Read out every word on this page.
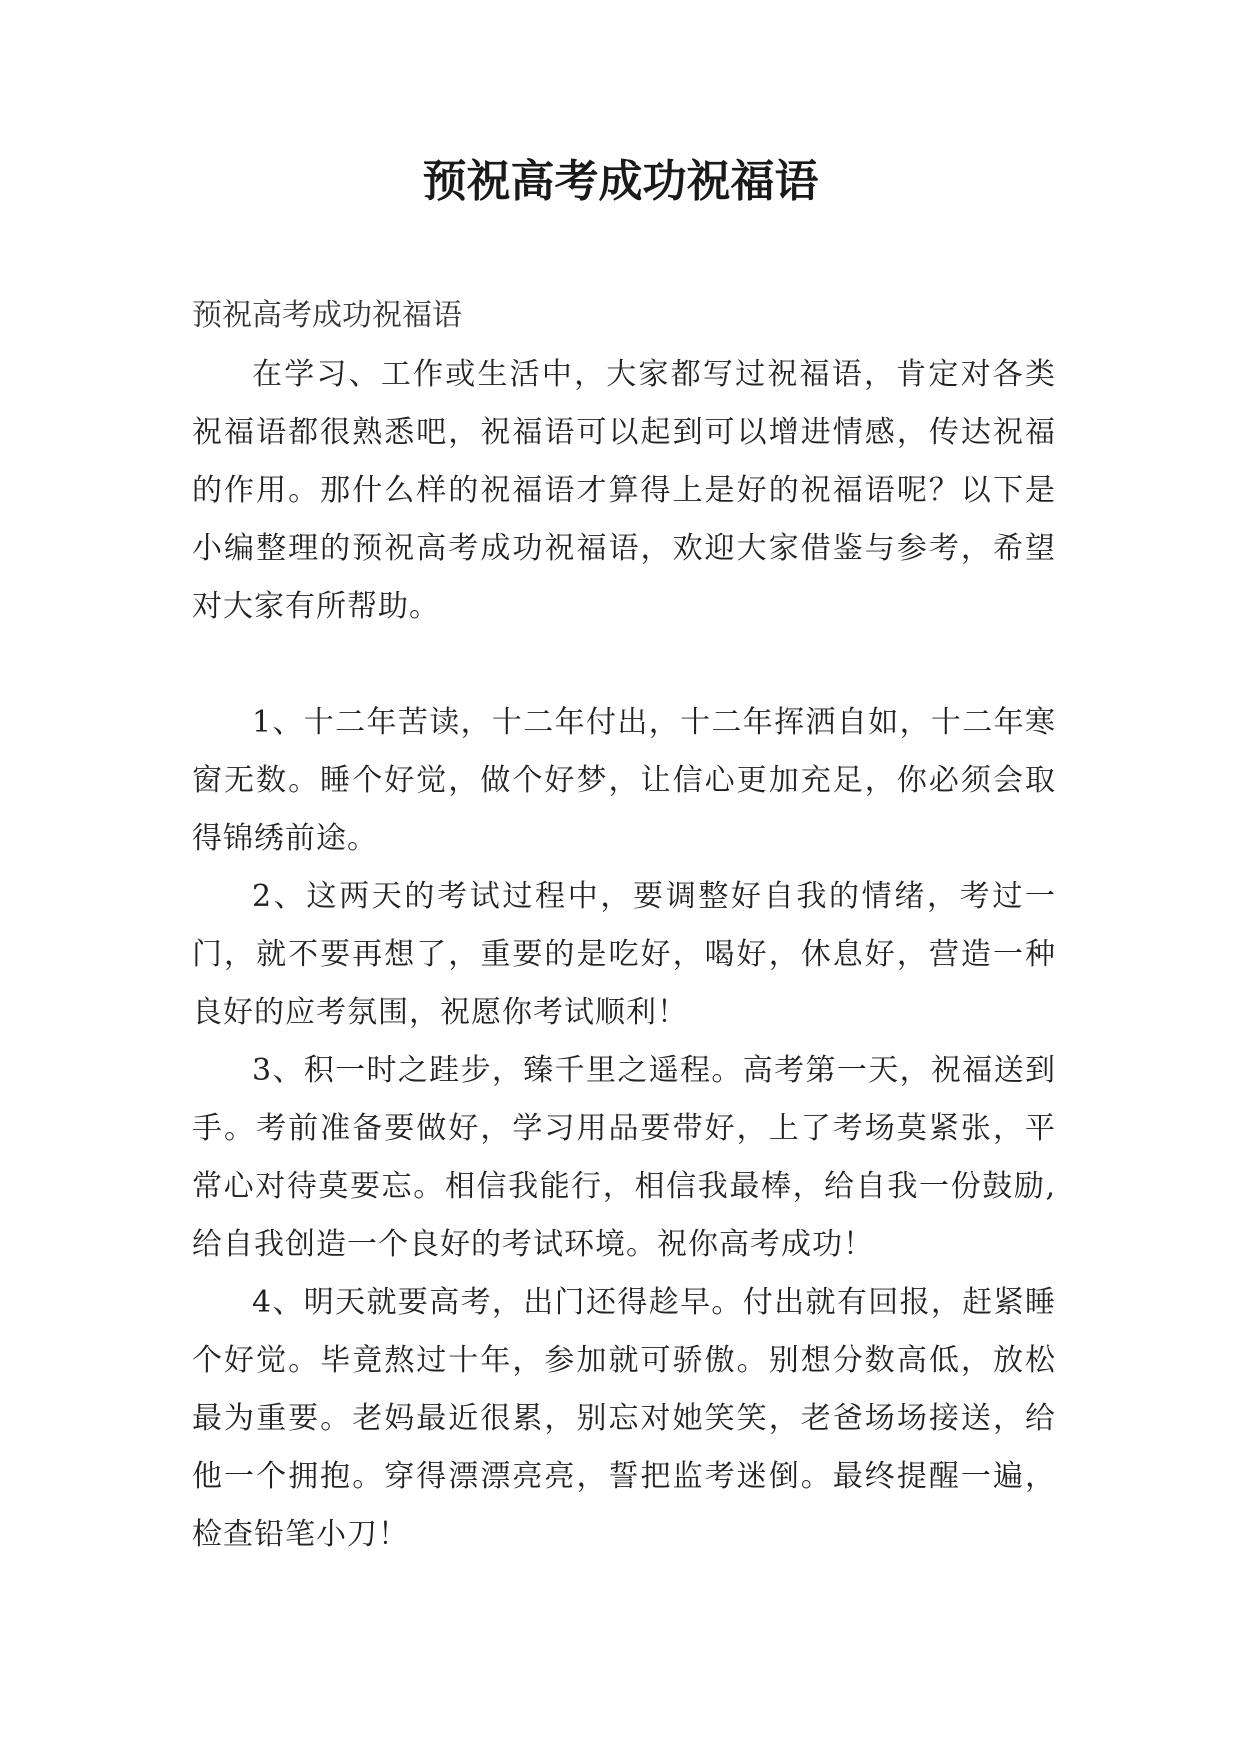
预祝高考成功祝福语

预祝高考成功祝福语

在学习、工作或生活中，大家都写过祝福语，肯定对各类祝福语都很熟悉吧，祝福语可以起到可以增进情感，传达祝福的作用。那什么样的祝福语才算得上是好的祝福语呢？以下是小编整理的预祝高考成功祝福语，欢迎大家借鉴与参考，希望对大家有所帮助。

1、十二年苦读，十二年付出，十二年挥洒自如，十二年寒窗无数。睡个好觉，做个好梦，让信心更加充足，你必须会取得锦绣前途。

2、这两天的考试过程中，要调整好自我的情绪，考过一门，就不要再想了，重要的是吃好，喝好，休息好，营造一种良好的应考氛围，祝愿你考试顺利！

3、积一时之跬步，臻千里之遥程。高考第一天，祝福送到手。考前准备要做好，学习用品要带好，上了考场莫紧张，平常心对待莫要忘。相信我能行，相信我最棒，给自我一份鼓励,给自我创造一个良好的考试环境。祝你高考成功！

4、明天就要高考，出门还得趁早。付出就有回报，赶紧睡个好觉。毕竟熬过十年，参加就可骄傲。别想分数高低，放松最为重要。老妈最近很累，别忘对她笑笑，老爸场场接送，给他一个拥抱。穿得漂漂亮亮，誓把监考迷倒。最终提醒一遍，检查铅笔小刀！
